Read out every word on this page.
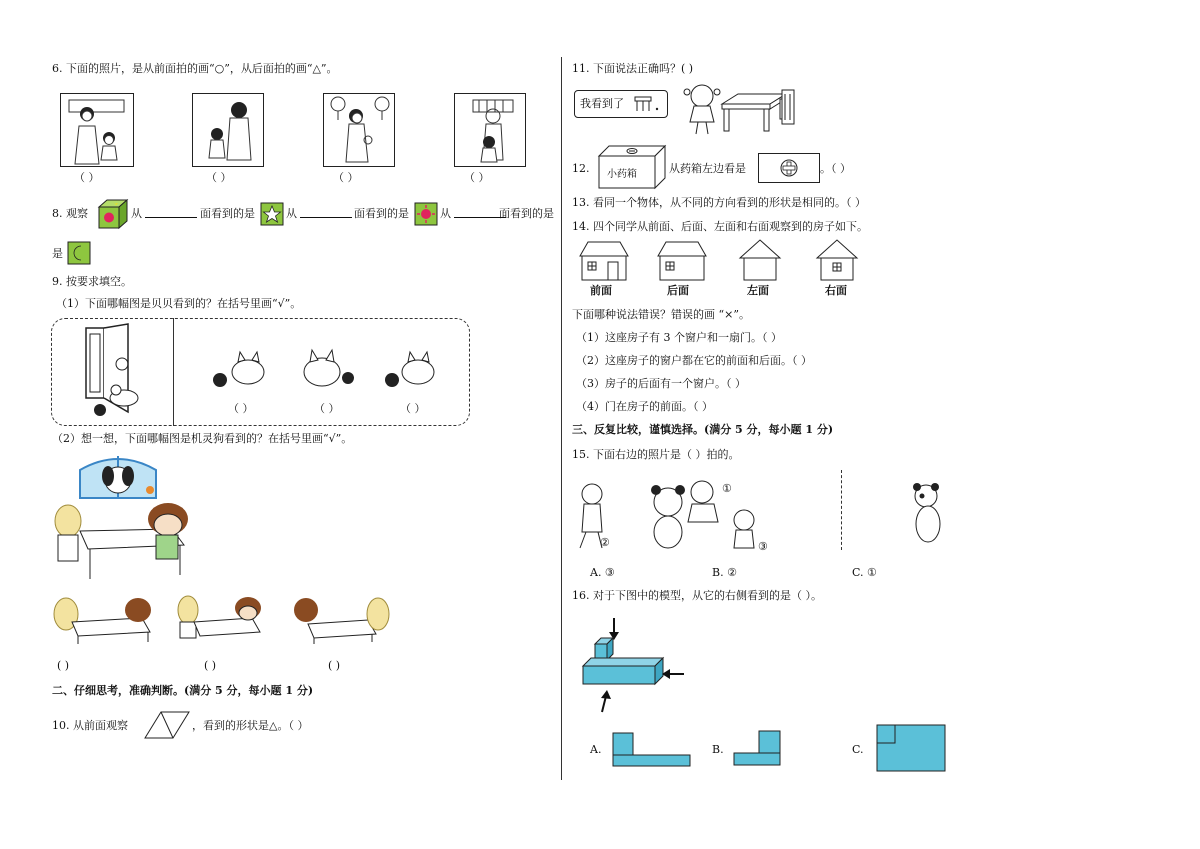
6. 下面的照片，是从前面拍的画“○”，从后面拍的画“△”。
（ ）	（ ）	（ ）	（ ）
8. 观察	从	面看到的是	从	面看到的是	从	面看到的是
是
9. 按要求填空。
（1）下面哪幅图是贝贝看到的？在括号里画“√”。
（ ）	（ ）	（ ）
（2）想一想，下面哪幅图是机灵狗看到的？在括号里画“√”。
( )	( )	( )
二、仔细思考，准确判断。(满分 5 分，每小题 1 分)
10. 从前面观察	，看到的形状是△。（ ）
11. 下面说法正确吗？( )
我看到了
12. 小药箱	从药箱左边看是	。（ ）
13. 看同一个物体，从不同的方向看到的形状是相同的。（ ）
14. 四个同学从前面、后面、左面和右面观察到的房子如下。
前面	后面	左面	右面
下面哪种说法错误？错误的画 “×”。
（1）这座房子有 3 个窗户和一扇门。（ ）
（2）这座房子的窗户都在它的前面和后面。（ ）
（3）房子的后面有一个窗户。（ ）
（4）门在房子的前面。（ ）
三、反复比较，谨慎选择。(满分 5 分，每小题 1 分)
15. 下面右边的照片是（ ）拍的。
②
①
③
A. ③	B. ②	C. ①
16. 对于下图中的模型，从它的右侧看到的是（ ）。
A.	B.	C.
